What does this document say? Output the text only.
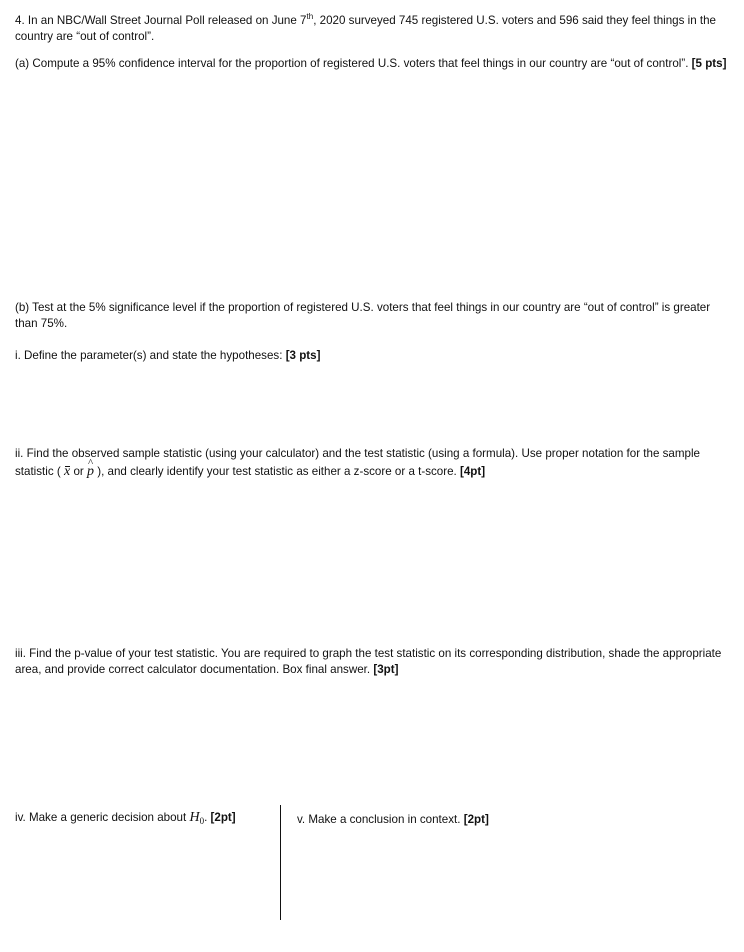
4. In an NBC/Wall Street Journal Poll released on June 7th, 2020 surveyed 745 registered U.S. voters and 596 said they feel things in the country are “out of control”.
(a) Compute a 95% confidence interval for the proportion of registered U.S. voters that feel things in our country are “out of control”. [5 pts]
(b) Test at the 5% significance level if the proportion of registered U.S. voters that feel things in our country are “out of control” is greater than 75%.
i. Define the parameter(s) and state the hypotheses: [3 pts]
ii. Find the observed sample statistic (using your calculator) and the test statistic (using a formula). Use proper notation for the sample statistic ( x or ^ p ), and clearly identify your test statistic as either a z-score or a t-score. [4pt]
iii. Find the p-value of your test statistic. You are required to graph the test statistic on its corresponding distribution, shade the appropriate area, and provide correct calculator documentation. Box final answer. [3pt]
iv. Make a generic decision about $H_0$. [2pt]	v. Make a conclusion in context. [2pt]
